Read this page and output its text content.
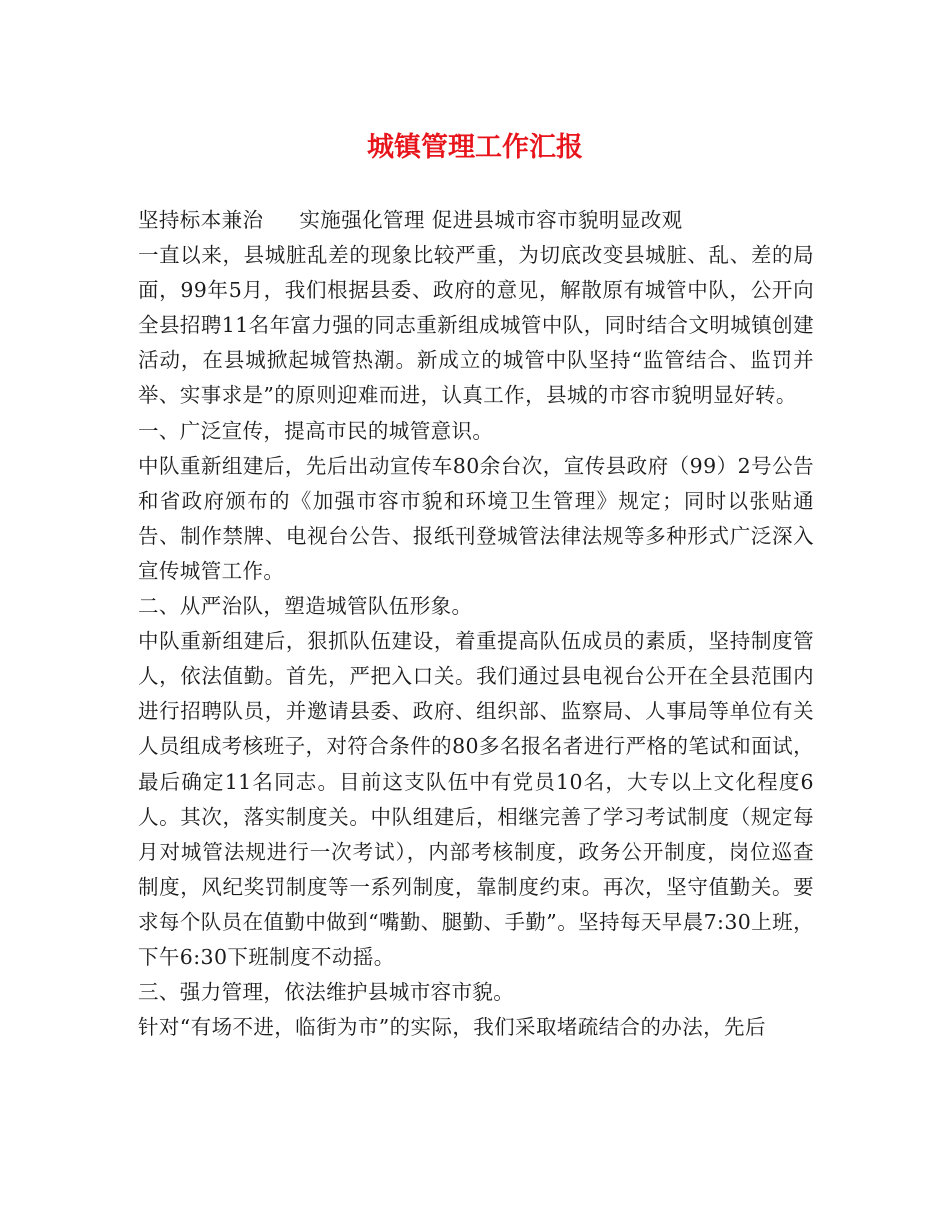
城镇管理工作汇报

坚持标本兼治 实施强化管理 促进县城市容市貌明显改观

一直以来，县城脏乱差的现象比较严重，为切底改变县城脏、乱、差的局面，99年5月，我们根据县委、政府的意见，解散原有城管中队，公开向全县招聘11名年富力强的同志重新组成城管中队，同时结合文明城镇创建活动，在县城掀起城管热潮。新成立的城管中队坚持“监管结合、监罚并举、实事求是”的原则迎难而进，认真工作，县城的市容市貌明显好转。

一、广泛宣传，提高市民的城管意识。

中队重新组建后，先后出动宣传车80余台次，宣传县政府（99）2号公告和省政府颁布的《加强市容市貌和环境卫生管理》规定；同时以张贴通告、制作禁牌、电视台公告、报纸刊登城管法律法规等多种形式广泛深入宣传城管工作。

二、从严治队，塑造城管队伍形象。

中队重新组建后，狠抓队伍建设，着重提高队伍成员的素质，坚持制度管人，依法值勤。首先，严把入口关。我们通过县电视台公开在全县范围内进行招聘队员，并邀请县委、政府、组织部、监察局、人事局等单位有关人员组成考核班子，对符合条件的80多名报名者进行严格的笔试和面试，最后确定11名同志。目前这支队伍中有党员10名，大专以上文化程度6人。其次，落实制度关。中队组建后，相继完善了学习考试制度（规定每月对城管法规进行一次考试），内部考核制度，政务公开制度，岗位巡查制度，风纪奖罚制度等一系列制度，靠制度约束。再次，坚守值勤关。要求每个队员在值勤中做到“嘴勤、腿勤、手勤”。坚持每天早晨7:30上班，下午6:30下班制度不动摇。

三、强力管理，依法维护县城市容市貌。

针对“有场不进，临街为市”的实际，我们采取堵疏结合的办法，先后
